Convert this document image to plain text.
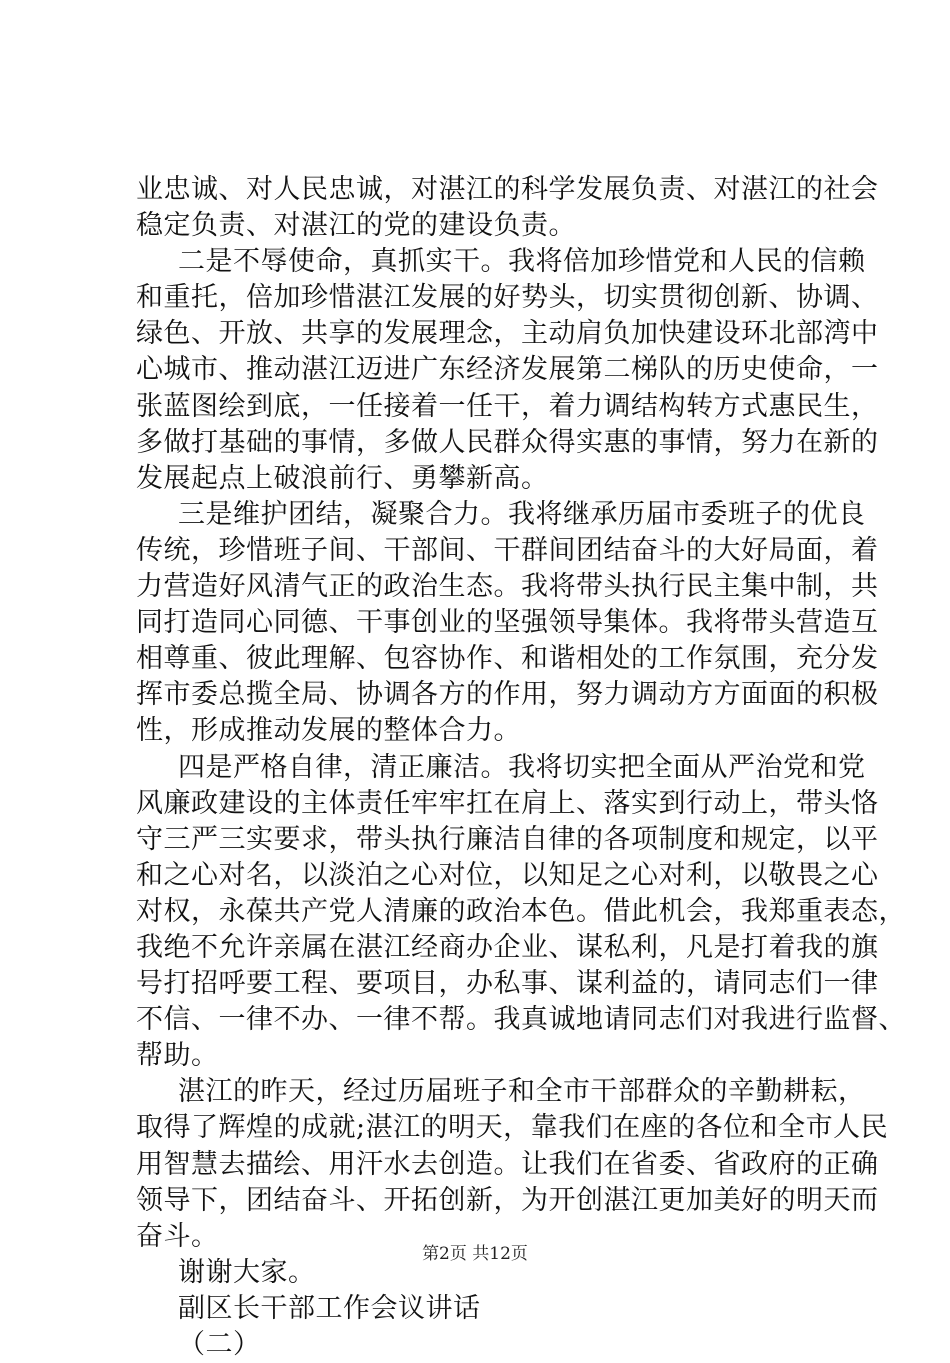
业忠诚、对人民忠诚，对湛江的科学发展负责、对湛江的社会
稳定负责、对湛江的党的建设负责。
二是不辱使命，真抓实干。我将倍加珍惜党和人民的信赖
和重托，倍加珍惜湛江发展的好势头，切实贯彻创新、协调、
绿色、开放、共享的发展理念，主动肩负加快建设环北部湾中
心城市、推动湛江迈进广东经济发展第二梯队的历史使命，一
张蓝图绘到底，一任接着一任干，着力调结构转方式惠民生，
多做打基础的事情，多做人民群众得实惠的事情，努力在新的
发展起点上破浪前行、勇攀新高。
三是维护团结，凝聚合力。我将继承历届市委班子的优良
传统，珍惜班子间、干部间、干群间团结奋斗的大好局面，着
力营造好风清气正的政治生态。我将带头执行民主集中制，共
同打造同心同德、干事创业的坚强领导集体。我将带头营造互
相尊重、彼此理解、包容协作、和谐相处的工作氛围，充分发
挥市委总揽全局、协调各方的作用，努力调动方方面面的积极
性，形成推动发展的整体合力。
四是严格自律，清正廉洁。我将切实把全面从严治党和党
风廉政建设的主体责任牢牢扛在肩上、落实到行动上，带头恪
守三严三实要求，带头执行廉洁自律的各项制度和规定，以平
和之心对名，以淡泊之心对位，以知足之心对利，以敬畏之心
对权，永葆共产党人清廉的政治本色。借此机会，我郑重表态，
我绝不允许亲属在湛江经商办企业、谋私利，凡是打着我的旗
号打招呼要工程、要项目，办私事、谋利益的，请同志们一律
不信、一律不办、一律不帮。我真诚地请同志们对我进行监督、
帮助。
湛江的昨天，经过历届班子和全市干部群众的辛勤耕耘，
取得了辉煌的成就;湛江的明天，靠我们在座的各位和全市人民
用智慧去描绘、用汗水去创造。让我们在省委、省政府的正确
领导下，团结奋斗、开拓创新，为开创湛江更加美好的明天而
奋斗。
谢谢大家。
副区长干部工作会议讲话
（二）
第2页 共12页
